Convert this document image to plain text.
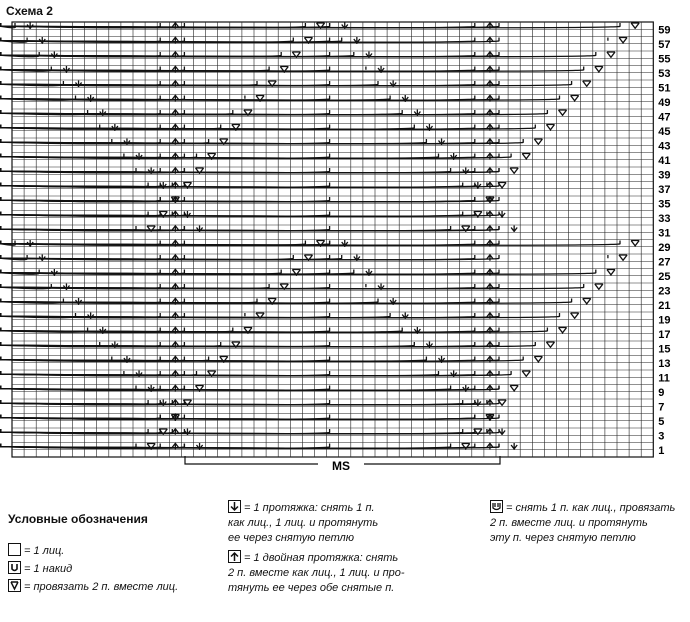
Схема 2
59
57
55
53
51
49
47
45
43
41
39
37
35
33
31
29
27
25
23
21
19
17
15
13
11
9
7
5
3
1
MS
Условные обозначения
= 1 лиц.
= 1 накид
= провязать 2 п. вместе лиц.
= 1 протяжка: снять 1 п.
как лиц., 1 лиц. и протянуть
ее через снятую петлю
= 1 двойная протяжка: снять
2 п. вместе как лиц., 1 лиц. и про-
тянуть ее через обе снятые п.
= снять 1 п. как лиц., провязать
2 п. вместе лиц. и протянуть
эту п. через снятую петлю
